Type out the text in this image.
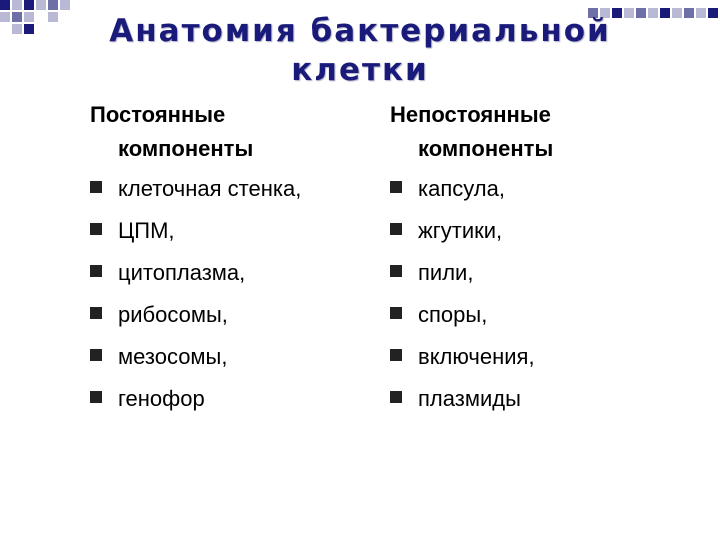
Анатомия бактериальной клетки
Постоянные компоненты
клеточная стенка,
ЦПМ,
цитоплазма,
рибосомы,
мезосомы,
генофор
Непостоянные компоненты
капсула,
жгутики,
пили,
споры,
включения,
плазмиды
